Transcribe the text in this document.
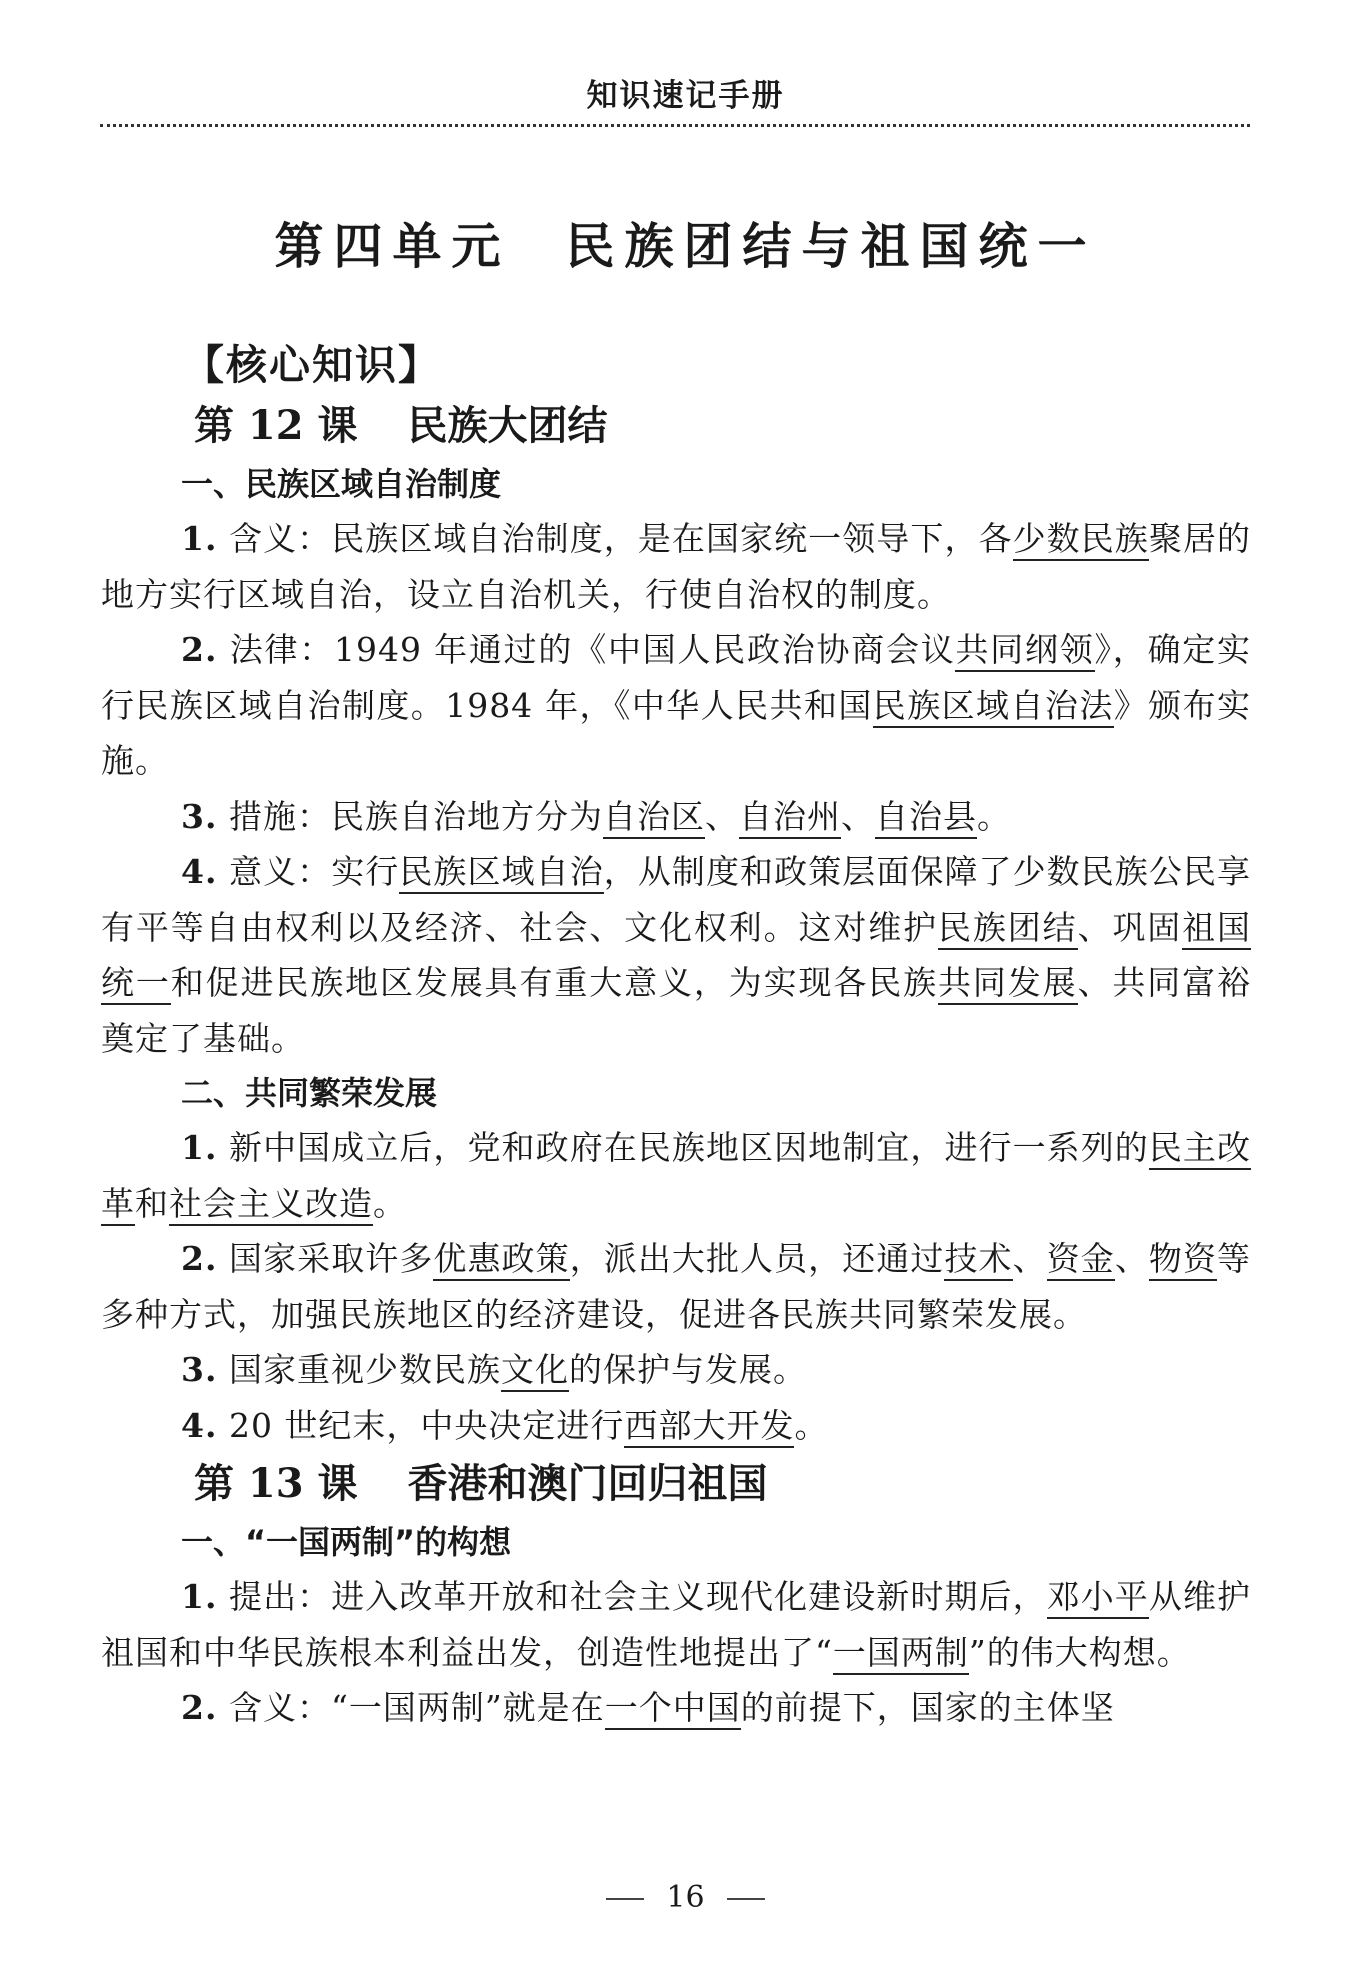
知识速记手册
第四单元 民族团结与祖国统一
【核心知识】
第 12 课 民族大团结
一、民族区域自治制度

1. 含义：民族区域自治制度，是在国家统一领导下，各少数民族聚居的地方实行区域自治，设立自治机关，行使自治权的制度。

2. 法律：1949 年通过的《中国人民政治协商会议共同纲领》，确定实行民族区域自治制度。1984 年，《中华人民共和国民族区域自治法》颁布实施。

3. 措施：民族自治地方分为自治区、自治州、自治县。

4. 意义：实行民族区域自治，从制度和政策层面保障了少数民族公民享有平等自由权利以及经济、社会、文化权利。这对维护民族团结、巩固祖国统一和促进民族地区发展具有重大意义，为实现各民族共同发展、共同富裕奠定了基础。

二、共同繁荣发展

1. 新中国成立后，党和政府在民族地区因地制宜，进行一系列的民主改革和社会主义改造。

2. 国家采取许多优惠政策，派出大批人员，还通过技术、资金、物资等多种方式，加强民族地区的经济建设，促进各民族共同繁荣发展。

3. 国家重视少数民族文化的保护与发展。

4. 20 世纪末，中央决定进行西部大开发。

第 13 课 香港和澳门回归祖国
一、“一国两制”的构想

1. 提出：进入改革开放和社会主义现代化建设新时期后，邓小平从维护祖国和中华民族根本利益出发，创造性地提出了“一国两制”的伟大构想。

2. 含义：“一国两制”就是在一个中国的前提下，国家的主体坚

16
